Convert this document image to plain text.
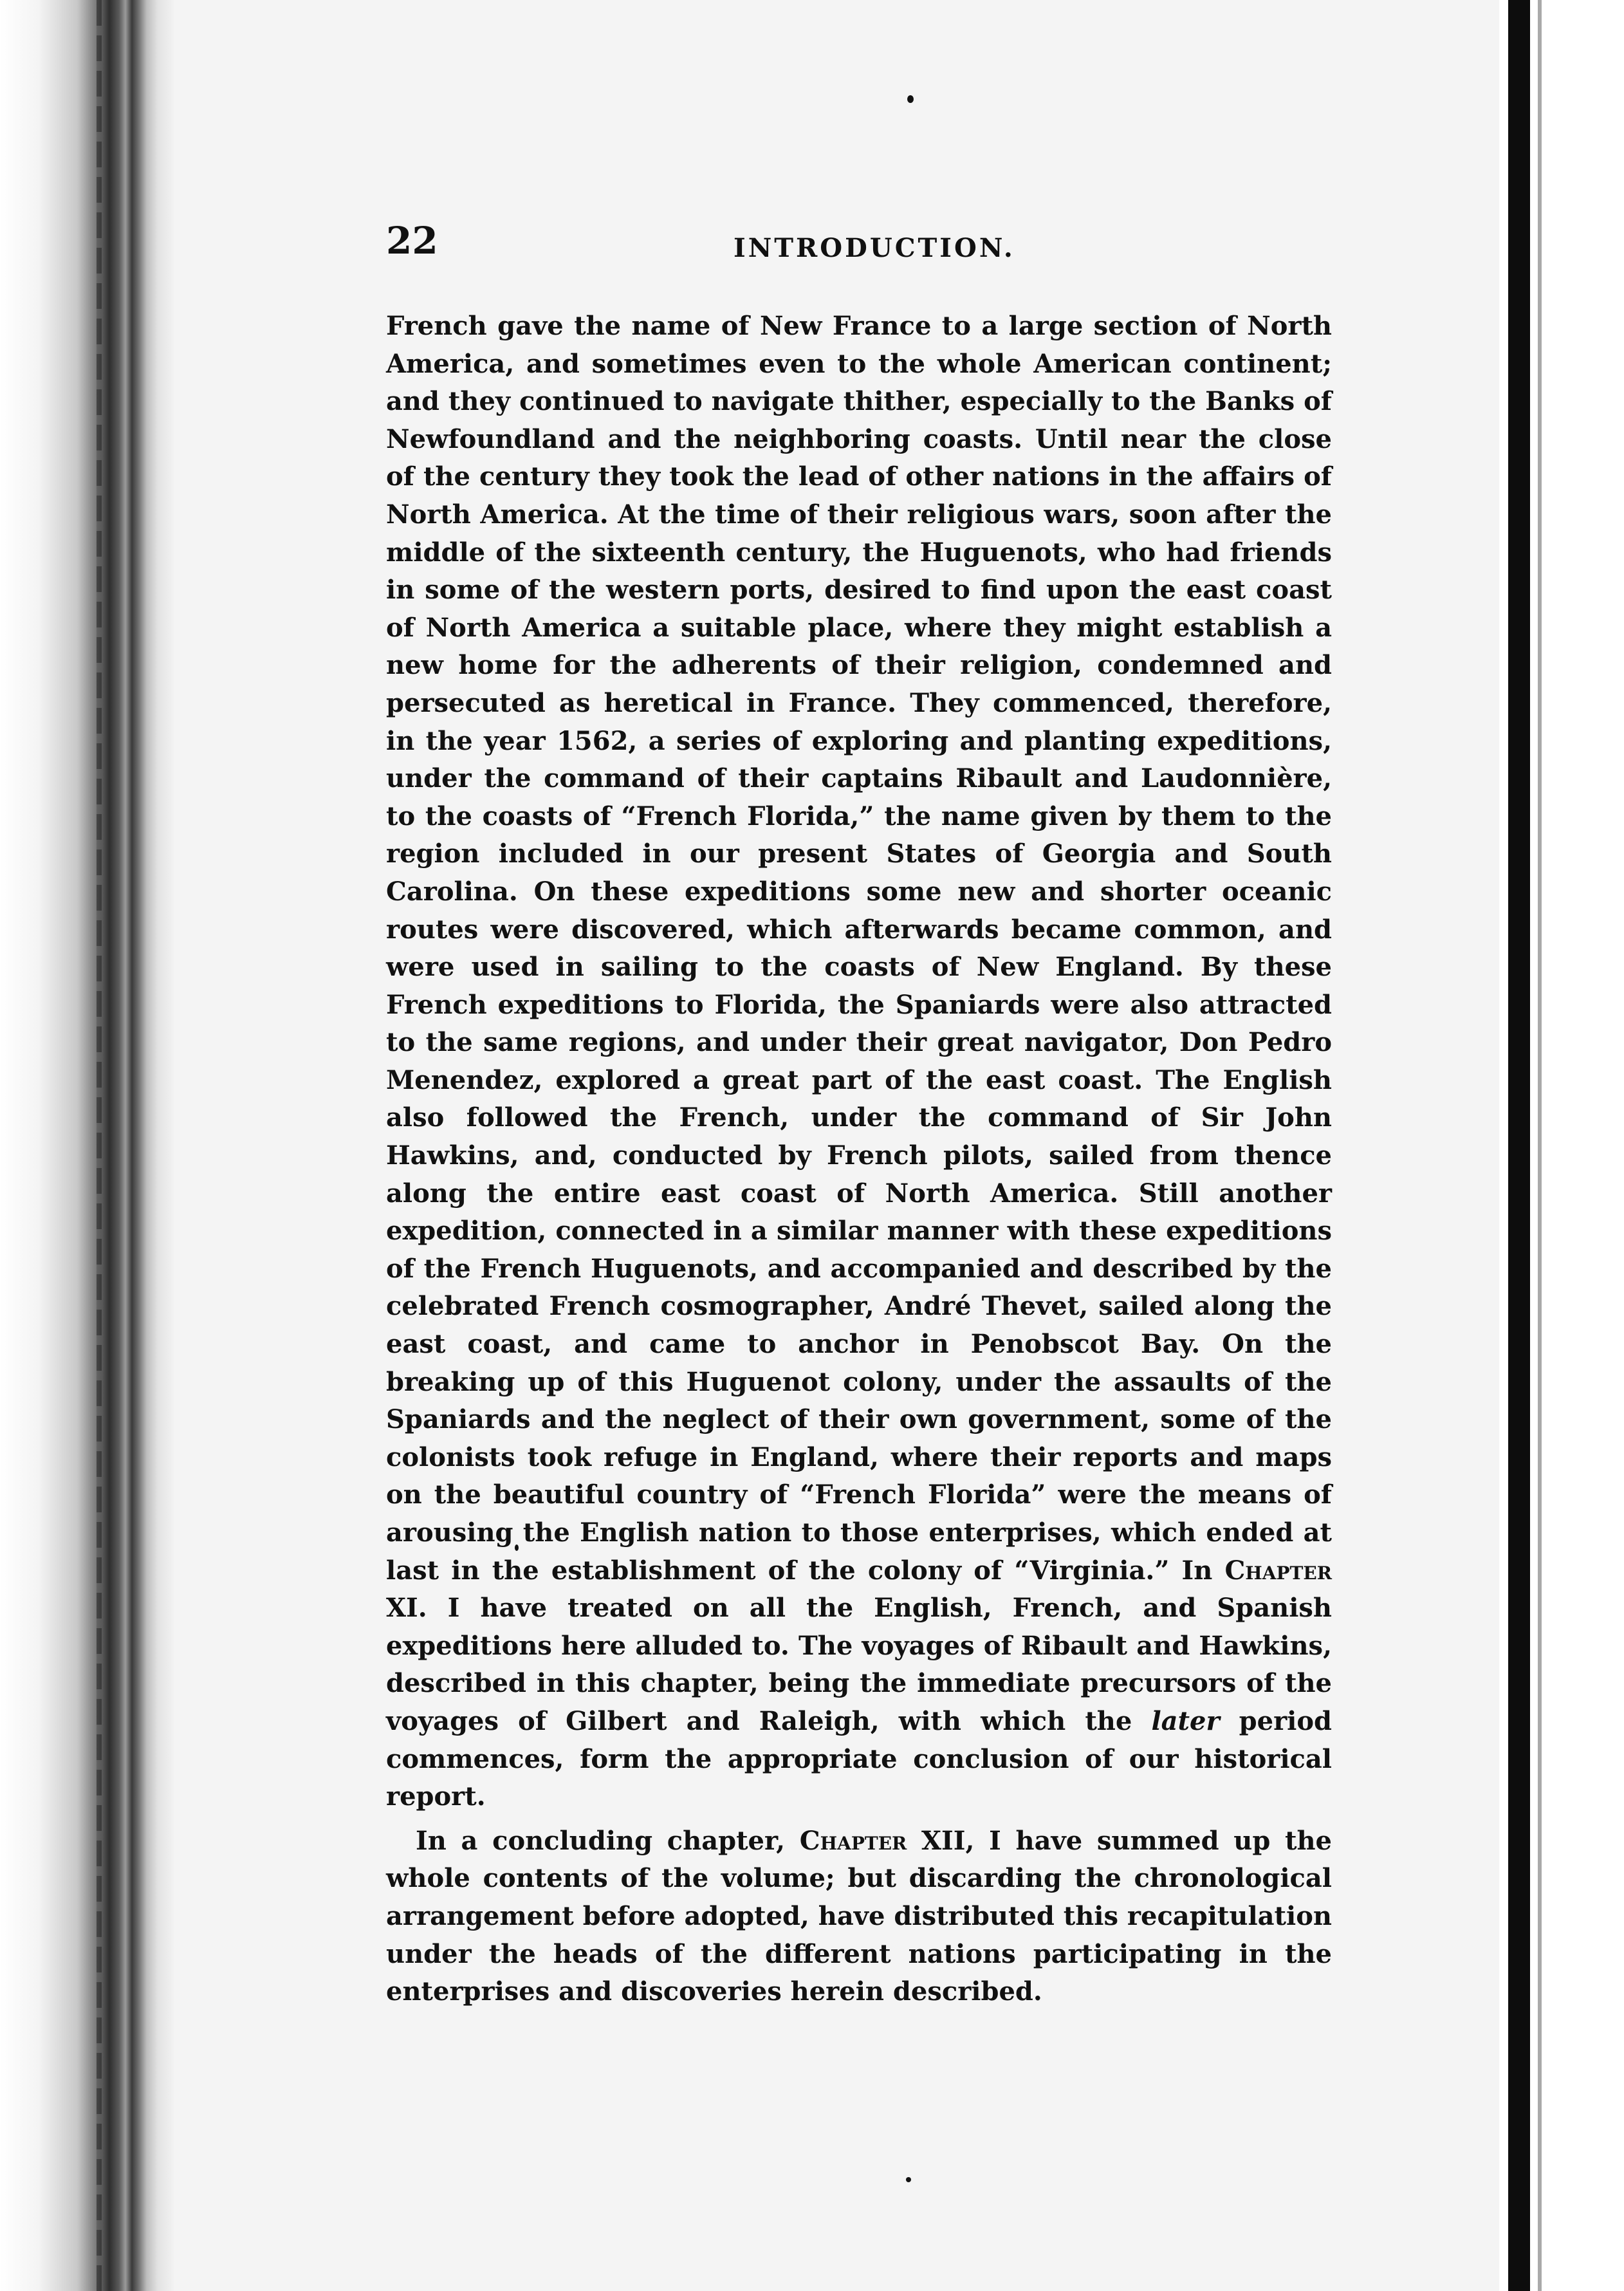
22	INTRODUCTION.

French gave the name of New France to a large section of North America, and sometimes even to the whole American continent; and they continued to navigate thither, especially to the Banks of Newfoundland and the neighboring coasts. Until near the close of the century they took the lead of other nations in the affairs of North America. At the time of their religious wars, soon after the middle of the sixteenth century, the Huguenots, who had friends in some of the western ports, desired to find upon the east coast of North America a suitable place, where they might establish a new home for the adherents of their religion, condemned and persecuted as heretical in France. They commenced, therefore, in the year 1562, a series of exploring and planting expeditions, under the command of their captains Ribault and Laudonnière, to the coasts of “French Florida,” the name given by them to the region included in our present States of Georgia and South Carolina. On these expeditions some new and shorter oceanic routes were discovered, which afterwards became common, and were used in sailing to the coasts of New England. By these French expeditions to Florida, the Spaniards were also attracted to the same regions, and under their great navigator, Don Pedro Menendez, explored a great part of the east coast. The English also followed the French, under the command of Sir John Hawkins, and, conducted by French pilots, sailed from thence along the entire east coast of North America. Still another expedition, connected in a similar manner with these expeditions of the French Huguenots, and accompanied and described by the celebrated French cosmographer, André Thevet, sailed along the east coast, and came to anchor in Penobscot Bay. On the breaking up of this Huguenot colony, under the assaults of the Spaniards and the neglect of their own government, some of the colonists took refuge in England, where their reports and maps on the beautiful country of “French Florida” were the means of arousing the English nation to those enterprises, which ended at last in the establishment of the colony of “Virginia.” In Chapter XI. I have treated on all the English, French, and Spanish expeditions here alluded to. The voyages of Ribault and Hawkins, described in this chapter, being the immediate precursors of the voyages of Gilbert and Raleigh, with which the later period commences, form the appropriate conclusion of our historical report.

In a concluding chapter, Chapter XII, I have summed up the whole contents of the volume; but discarding the chronological arrangement before adopted, have distributed this recapitulation under the heads of the different nations participating in the enterprises and discoveries herein described.
